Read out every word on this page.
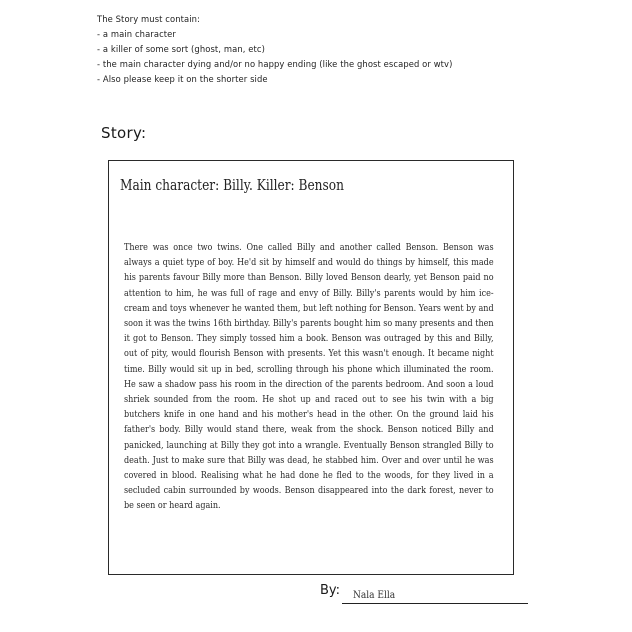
The Story must contain:
- a main character
- a killer of some sort (ghost, man, etc)
- the main character dying and/or no happy ending (like the ghost escaped or wtv)
- Also please keep it on the shorter side
Story:
Main character: Billy. Killer: Benson
There was once two twins. One called Billy and another called Benson. Benson was always a quiet type of boy. He'd sit by himself and would do things by himself, this made his parents favour Billy more than Benson. Billy loved Benson dearly, yet Benson paid no attention to him, he was full of rage and envy of Billy. Billy's parents would by him ice-cream and toys whenever he wanted them, but left nothing for Benson. Years went by and soon it was the twins 16th birthday. Billy's parents bought him so many presents and then it got to Benson. They simply tossed him a book. Benson was outraged by this and Billy, out of pity, would flourish Benson with presents. Yet this wasn't enough. It became night time. Billy would sit up in bed, scrolling through his phone which illuminated the room. He saw a shadow pass his room in the direction of the parents bedroom. And soon a loud shriek sounded from the room. He shot up and raced out to see his twin with a big butchers knife in one hand and his mother's head in the other. On the ground laid his father's body. Billy would stand there, weak from the shock. Benson noticed Billy and panicked, launching at Billy they got into a wrangle. Eventually Benson strangled Billy to death. Just to make sure that Billy was dead, he stabbed him. Over and over until he was covered in blood. Realising what he had done he fled to the woods, for they lived in a secluded cabin surrounded by woods. Benson disappeared into the dark forest, never to be seen or heard again.
By: Nala Ella
